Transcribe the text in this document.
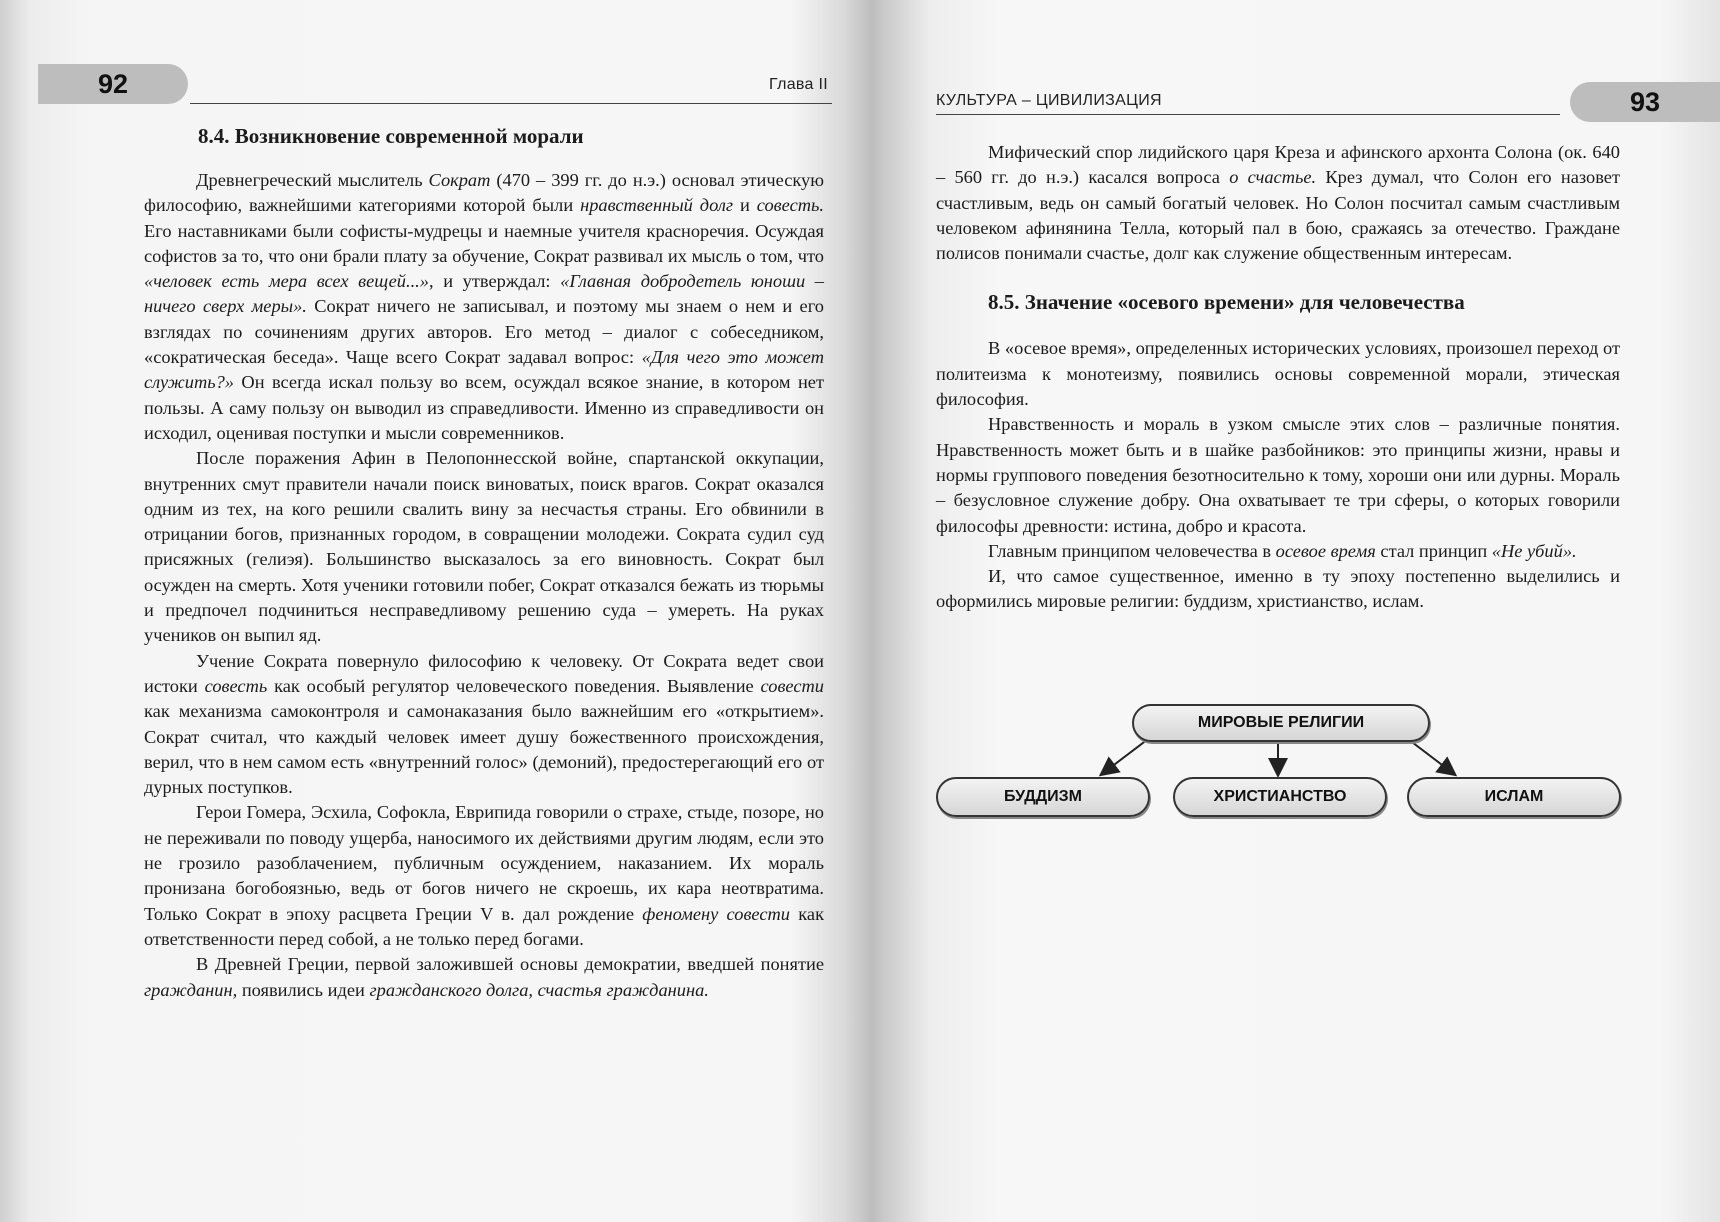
92	Глава II
8.4. Возникновение современной морали

Древнегреческий мыслитель Сократ (470 – 399 гг. до н.э.) основал этическую философию, важнейшими категориями которой были нравственный долг и совесть. Его наставниками были софисты-мудрецы и наемные учителя красноречия. Осуждая софистов за то, что они брали плату за обучение, Сократ развивал их мысль о том, что «человек есть мера всех вещей...», и утверждал: «Главная добродетель юноши – ничего сверх меры». Сократ ничего не записывал, и поэтому мы знаем о нем и его взглядах по сочинениям других авторов. Его метод – диалог с собеседником, «сократическая беседа». Чаще всего Сократ задавал вопрос: «Для чего это может служить?» Он всегда искал пользу во всем, осуждал всякое знание, в котором нет пользы. А саму пользу он выводил из справедливости. Именно из справедливости он исходил, оценивая поступки и мысли современников.

После поражения Афин в Пелопоннесской войне, спартанской оккупации, внутренних смут правители начали поиск виноватых, поиск врагов. Сократ оказался одним из тех, на кого решили свалить вину за несчастья страны. Его обвинили в отрицании богов, признанных городом, в совращении молодежи. Сократа судил суд присяжных (гелиэя). Большинство высказалось за его виновность. Сократ был осужден на смерть. Хотя ученики готовили побег, Сократ отказался бежать из тюрьмы и предпочел подчиниться несправедливому решению суда – умереть. На руках учеников он выпил яд.

Учение Сократа повернуло философию к человеку. От Сократа ведет свои истоки совесть как особый регулятор человеческого поведения. Выявление совести как механизма самоконтроля и самонаказания было важнейшим его «открытием». Сократ считал, что каждый человек имеет душу божественного происхождения, верил, что в нем самом есть «внутренний голос» (демоний), предостерегающий его от дурных поступков.

Герои Гомера, Эсхила, Софокла, Еврипида говорили о страхе, стыде, позоре, но не переживали по поводу ущерба, наносимого их действиями другим людям, если это не грозило разоблачением, публичным осуждением, наказанием. Их мораль пронизана богобоязнью, ведь от богов ничего не скроешь, их кара неотвратима. Только Сократ в эпоху расцвета Греции V в. дал рождение феномену совести как ответственности перед собой, а не только перед богами.

В Древней Греции, первой заложившей основы демократии, введшей понятие гражданин, появились идеи гражданского долга, счастья гражданина.

93
КУЛЬТУРА – ЦИВИЛИЗАЦИЯ

Мифический спор лидийского царя Креза и афинского архонта Солона (ок. 640 – 560 гг. до н.э.) касался вопроса о счастье. Крез думал, что Солон его назовет счастливым, ведь он самый богатый человек. Но Солон посчитал самым счастливым человеком афинянина Телла, который пал в бою, сражаясь за отечество. Граждане полисов понимали счастье, долг как служение общественным интересам.

8.5. Значение «осевого времени» для человечества

В «осевое время», определенных исторических условиях, произошел переход от политеизма к монотеизму, появились основы современной морали, этическая философия.

Нравственность и мораль в узком смысле этих слов – различные понятия. Нравственность может быть и в шайке разбойников: это принципы жизни, нравы и нормы группового поведения безотносительно к тому, хороши они или дурны. Мораль – безусловное служение добру. Она охватывает те три сферы, о которых говорили философы древности: истина, добро и красота.

Главным принципом человечества в осевое время стал принцип «Не убий».

И, что самое существенное, именно в ту эпоху постепенно выделились и оформились мировые религии: буддизм, христианство, ислам.

МИРОВЫЕ РЕЛИГИИ
БУДДИЗМ	ХРИСТИАНСТВО	ИСЛАМ
